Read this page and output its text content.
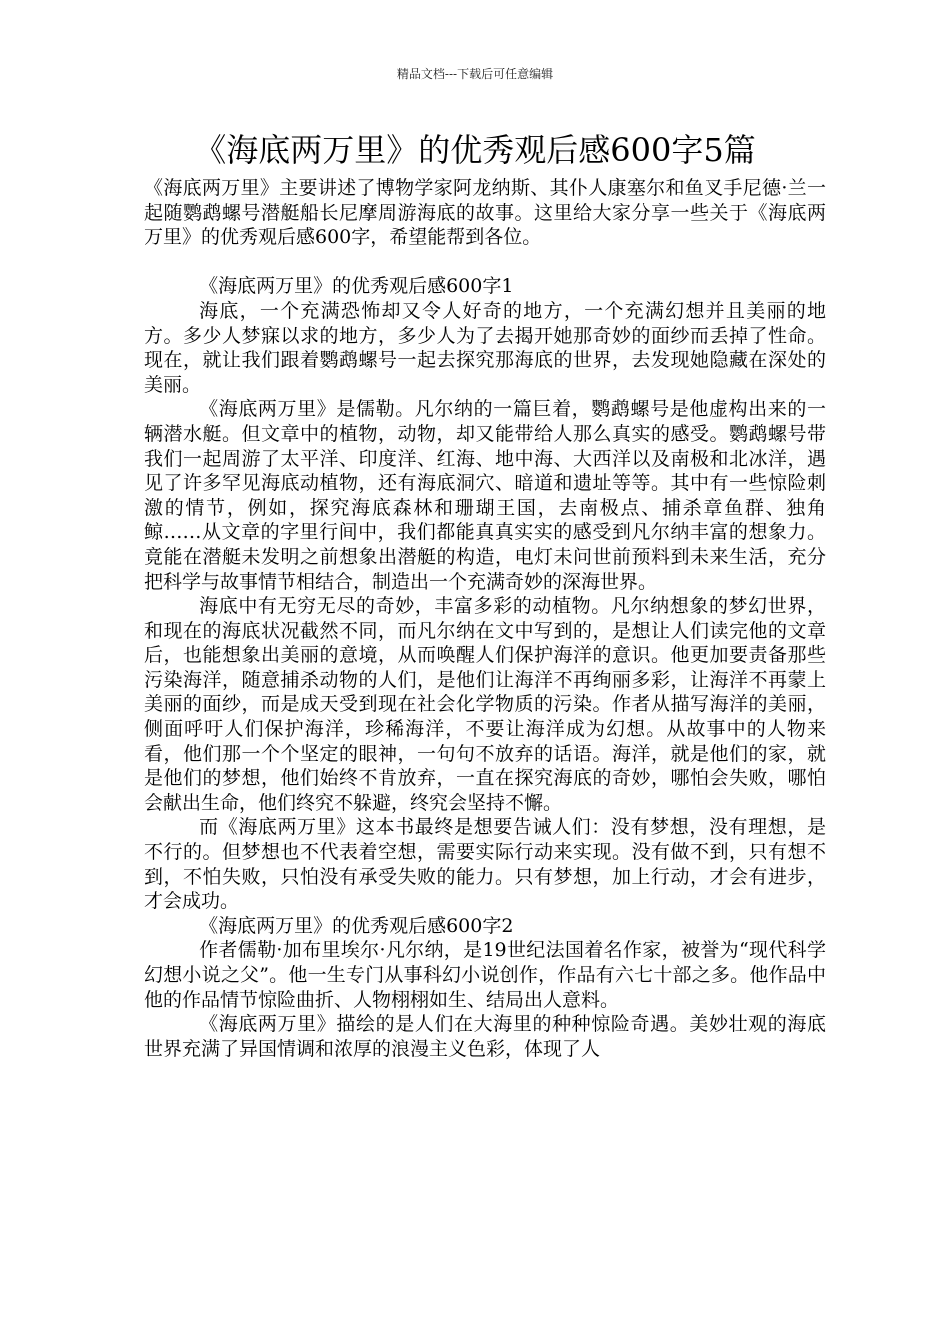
精品文档---下载后可任意编辑
《海底两万里》的优秀观后感600字5篇

《海底两万里》主要讲述了博物学家阿龙纳斯、其仆人康塞尔和鱼叉手尼德·兰一起随鹦鹉螺号潜艇船长尼摩周游海底的故事。这里给大家分享一些关于《海底两万里》的优秀观后感600字，希望能帮到各位。

《海底两万里》的优秀观后感600字1

海底，一个充满恐怖却又令人好奇的地方，一个充满幻想并且美丽的地方。多少人梦寐以求的地方，多少人为了去揭开她那奇妙的面纱而丢掉了性命。现在，就让我们跟着鹦鹉螺号一起去探究那海底的世界，去发现她隐藏在深处的美丽。

《海底两万里》是儒勒。凡尔纳的一篇巨着，鹦鹉螺号是他虚构出来的一辆潜水艇。但文章中的植物，动物，却又能带给人那么真实的感受。鹦鹉螺号带我们一起周游了太平洋、印度洋、红海、地中海、大西洋以及南极和北冰洋，遇见了许多罕见海底动植物，还有海底洞穴、暗道和遗址等等。其中有一些惊险刺激的情节，例如，探究海底森林和珊瑚王国，去南极点、捕杀章鱼群、独角鲸……从文章的字里行间中，我们都能真真实实的感受到凡尔纳丰富的想象力。竟能在潜艇未发明之前想象出潜艇的构造，电灯未问世前预料到未来生活，充分把科学与故事情节相结合，制造出一个充满奇妙的深海世界。

海底中有无穷无尽的奇妙，丰富多彩的动植物。凡尔纳想象的梦幻世界，和现在的海底状况截然不同，而凡尔纳在文中写到的，是想让人们读完他的文章后，也能想象出美丽的意境，从而唤醒人们保护海洋的意识。他更加要责备那些污染海洋，随意捕杀动物的人们，是他们让海洋不再绚丽多彩，让海洋不再蒙上美丽的面纱，而是成天受到现在社会化学物质的污染。作者从描写海洋的美丽，侧面呼吁人们保护海洋，珍稀海洋，不要让海洋成为幻想。从故事中的人物来看，他们那一个个坚定的眼神，一句句不放弃的话语。海洋，就是他们的家，就是他们的梦想，他们始终不肯放弃，一直在探究海底的奇妙，哪怕会失败，哪怕会献出生命，他们终究不躲避，终究会坚持不懈。

而《海底两万里》这本书最终是想要告诫人们：没有梦想，没有理想，是不行的。但梦想也不代表着空想，需要实际行动来实现。没有做不到，只有想不到，不怕失败，只怕没有承受失败的能力。只有梦想，加上行动，才会有进步，才会成功。

《海底两万里》的优秀观后感600字2

作者儒勒·加布里埃尔·凡尔纳，是19世纪法国着名作家，被誉为“现代科学幻想小说之父”。他一生专门从事科幻小说创作，作品有六七十部之多。他作品中他的作品情节惊险曲折、人物栩栩如生、结局出人意料。

《海底两万里》描绘的是人们在大海里的种种惊险奇遇。美妙壮观的海底世界充满了异国情调和浓厚的浪漫主义色彩，体现了人
